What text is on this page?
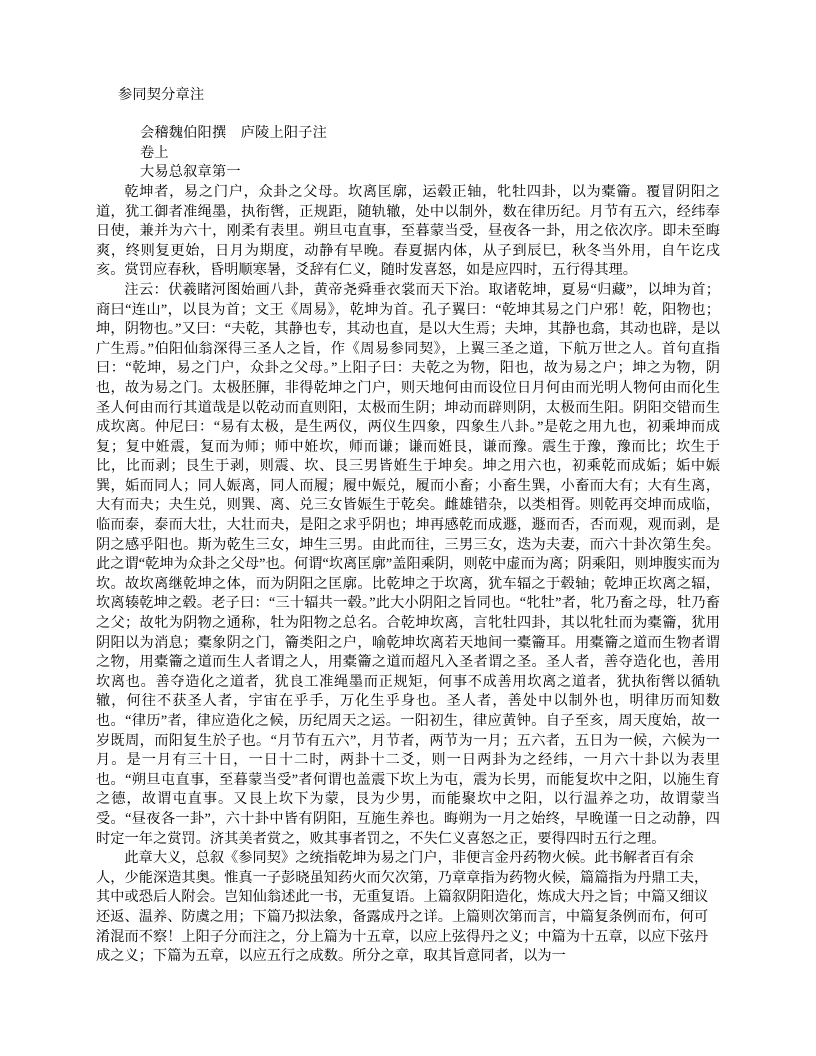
参同契分章注
会稽魏伯阳撰　庐陵上阳子注
卷上
大易总叙章第一

乾坤者，易之门户，众卦之父母。坎离匡廓，运毂正轴，牝牡四卦，以为橐籥。覆冒阴阳之道，犹工御者准绳墨，执衔辔，正规距，随轨辙，处中以制外，数在律历纪。月节有五六，经纬奉日使，兼并为六十，刚柔有表里。朔旦屯直事，至暮蒙当受，昼夜各一卦，用之依次序。即未至晦爽，终则复更始，日月为期度，动静有早晚。春夏据内体，从子到辰巳，秋冬当外用，自午讫戌亥。赏罚应春秋，昏明顺寒暑，爻辞有仁义，随时发喜怒，如是应四时，五行得其理。

注云：伏羲睹河图始画八卦，黄帝尧舜垂衣裳而天下治。取诸乾坤，夏易“归藏”，以坤为首；商曰“连山”，以艮为首；文王《周易》，乾坤为首。孔子翼曰：“乾坤其易之门户邪！乾，阳物也；坤，阴物也。”又曰：“夫乾，其静也专，其动也直，是以大生焉；夫坤，其静也翕，其动也辟，是以广生焉。”伯阳仙翁深得三圣人之旨，作《周易参同契》，上翼三圣之道，下航万世之人。首句直指曰：“乾坤，易之门户，众卦之父母。”上阳子曰：夫乾之为物，阳也，故为易之户；坤之为物，阴也，故为易之门。太极胚腪，非得乾坤之门户，则天地何由而设位日月何由而光明人物何由而化生圣人何由而行其道哉是以乾动而直则阳，太极而生阴；坤动而辟则阴，太极而生阳。阴阳交错而生成坎离。仲尼曰：“易有太极，是生两仪，两仪生四象，四象生八卦。”是乾之用九也，初乘坤而成复；复中姙震，复而为师；师中姙坎，师而谦；谦而姙艮，谦而豫。震生于豫，豫而比；坎生于比，比而剥；艮生于剥，则震、坎、艮三男皆姙生于坤矣。坤之用六也，初乘乾而成姤；姤中娠巽，姤而同人；同人娠离，同人而履；履中娠兑，履而小畜；小畜生巽，小畜而大有；大有生离，大有而夬；夬生兑，则巽、离、兑三女皆娠生于乾矣。雌雄错杂，以类相胥。则乾再交坤而成临，临而泰，泰而大壮，大壮而夬，是阳之求乎阴也；坤再感乾而成遯，遯而否，否而观，观而剥，是阴之感乎阳也。斯为乾生三女，坤生三男。由此而往，三男三女，迭为夫妻，而六十卦次第生矣。此之谓“乾坤为众卦之父母”也。何谓“坎离匡廓”盖阳乘阴，则乾中虚而为离；阴乘阳，则坤腹实而为坎。故坎离继乾坤之体，而为阴阳之匡廓。比乾坤之于坎离，犹车辐之于毂轴；乾坤正坎离之辐，坎离辏乾坤之毂。老子曰：“三十辐共一毂。”此大小阴阳之旨同也。“牝牡”者，牝乃畜之母，牡乃畜之父；故牝为阴物之通称，牡为阳物之总名。合乾坤坎离，言牝牡四卦，其以牝牡而为橐籥，犹用阴阳以为消息；橐象阴之门，籥类阳之户，喻乾坤坎离若天地间一橐籥耳。用橐籥之道而生物者谓之物，用橐籥之道而生人者谓之人，用橐籥之道而超凡入圣者谓之圣。圣人者，善夺造化也，善用坎离也。善夺造化之道者，犹良工准绳墨而正规矩，何事不成善用坎离之道者，犹执衔辔以循轨辙，何往不获圣人者，宇宙在乎手，万化生乎身也。圣人者，善处中以制外也，明律历而知数也。“律历”者，律应造化之候，历纪周天之运。一阳初生，律应黄钟。自子至亥，周天度始，故一岁既周，而阳复生於子也。“月节有五六”，月节者，两节为一月；五六者，五日为一候，六候为一月。是一月有三十日，一日十二时，两卦十二爻，则一日两卦为之经纬，一月六十卦以为表里也。“朔旦屯直事，至暮蒙当受”者何谓也盖震下坎上为屯，震为长男，而能复坎中之阳，以施生育之德，故谓屯直事。又艮上坎下为蒙，艮为少男，而能聚坎中之阳，以行温养之功，故谓蒙当受。“昼夜各一卦”，六十卦中皆有阴阳，互施生养也。晦朔为一月之始终，早晚谨一日之动静，四时定一年之赏罚。济其美者赏之，败其事者罚之，不失仁义喜怒之正，要得四时五行之理。

此章大义，总叙《参同契》之统指乾坤为易之门户，非便言金丹药物火候。此书解者百有余人，少能深造其奥。惟真一子彭晓虽知药火而欠次第，乃章章指为药物火候，篇篇指为丹鼎工夫，其中或恐后人附会。岂知仙翁述此一书，无重复语。上篇叙阴阳造化，炼成大丹之旨；中篇又细议还返、温养、防虞之用；下篇乃拟法象，备露成丹之详。上篇则次第而言，中篇复条例而布，何可淆混而不察！上阳子分而注之，分上篇为十五章，以应上弦得丹之义；中篇为十五章，以应下弦丹成之义；下篇为五章，以应五行之成数。所分之章，取其旨意同者，以为一
